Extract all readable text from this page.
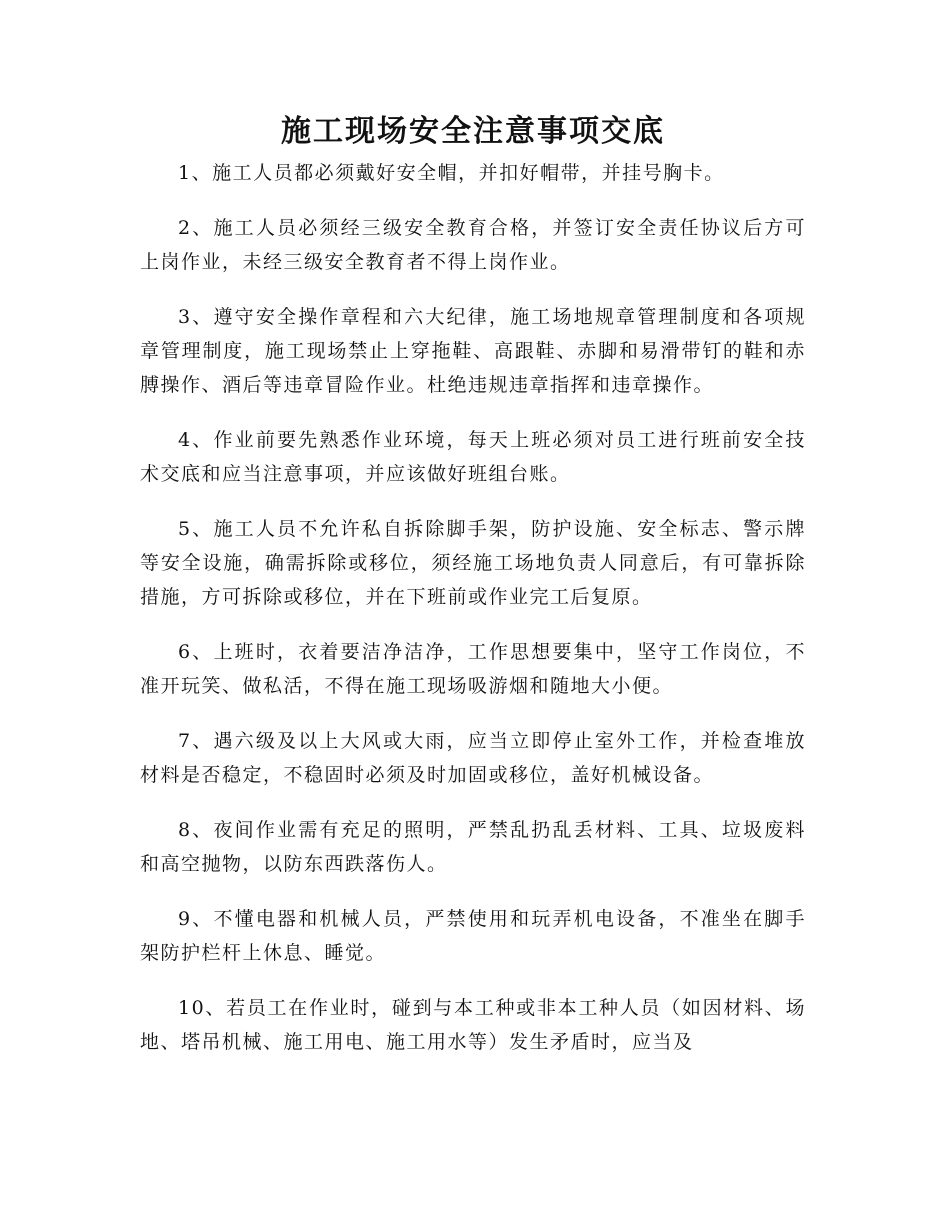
施工现场安全注意事项交底

1、施工人员都必须戴好安全帽，并扣好帽带，并挂号胸卡。

2、施工人员必须经三级安全教育合格，并签订安全责任协议后方可上岗作业，未经三级安全教育者不得上岗作业。

3、遵守安全操作章程和六大纪律，施工场地规章管理制度和各项规章管理制度，施工现场禁止上穿拖鞋、高跟鞋、赤脚和易滑带钉的鞋和赤膊操作、酒后等违章冒险作业。杜绝违规违章指挥和违章操作。

4、作业前要先熟悉作业环境，每天上班必须对员工进行班前安全技术交底和应当注意事项，并应该做好班组台账。

5、施工人员不允许私自拆除脚手架，防护设施、安全标志、警示牌等安全设施，确需拆除或移位，须经施工场地负责人同意后，有可靠拆除措施，方可拆除或移位，并在下班前或作业完工后复原。

6、上班时，衣着要洁净洁净，工作思想要集中，坚守工作岗位，不准开玩笑、做私活，不得在施工现场吸游烟和随地大小便。

7、遇六级及以上大风或大雨，应当立即停止室外工作，并检查堆放材料是否稳定，不稳固时必须及时加固或移位，盖好机械设备。

8、夜间作业需有充足的照明，严禁乱扔乱丢材料、工具、垃圾废料和高空抛物，以防东西跌落伤人。

9、不懂电器和机械人员，严禁使用和玩弄机电设备，不准坐在脚手架防护栏杆上休息、睡觉。

10、若员工在作业时，碰到与本工种或非本工种人员（如因材料、场地、塔吊机械、施工用电、施工用水等）发生矛盾时，应当及
